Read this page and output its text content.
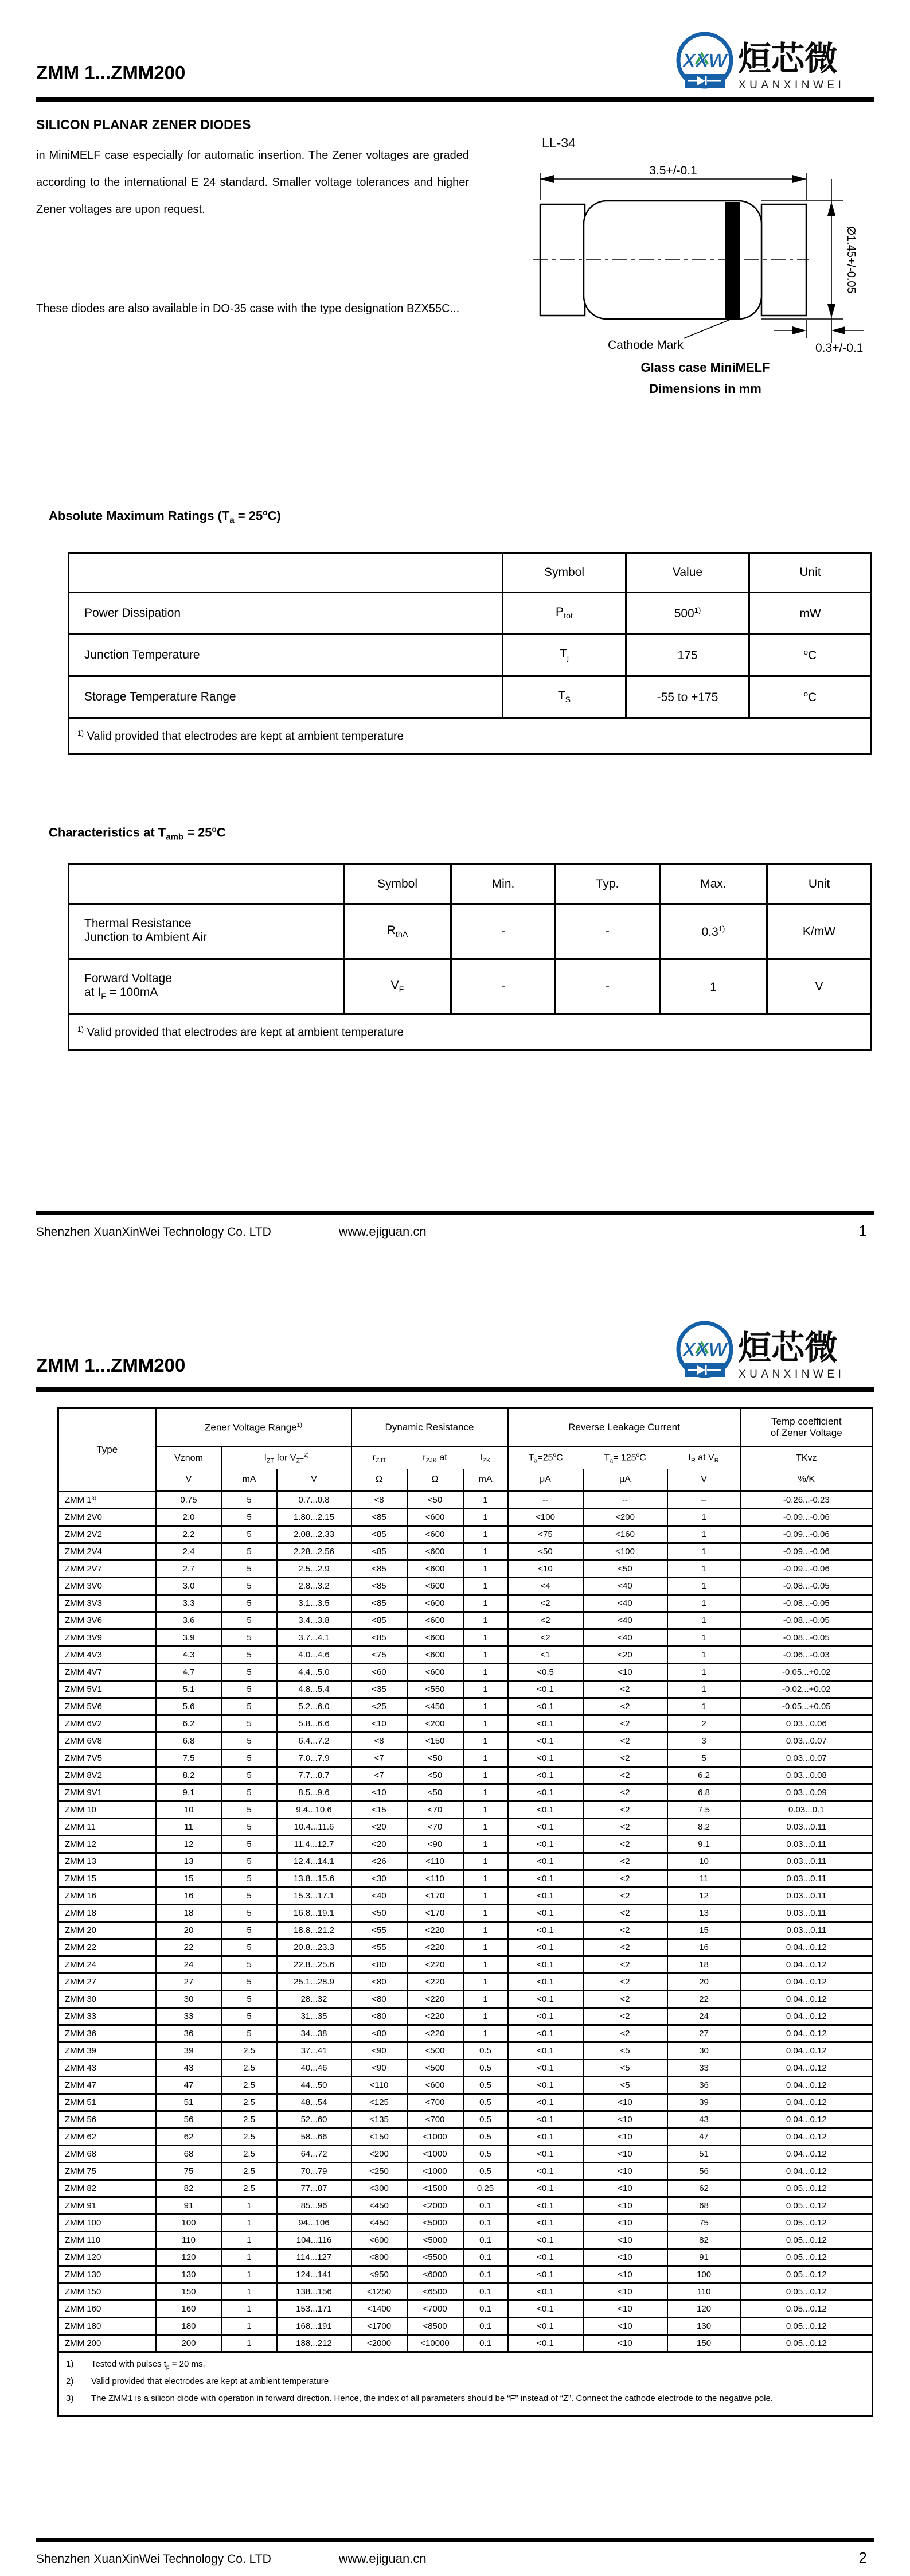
ZMM 1...ZMM200
XXW 烜芯微
XUANXINWEI
SILICON PLANAR ZENER DIODES
in MiniMELF case especially for automatic insertion. The Zener voltages are graded according to the international E 24 standard. Smaller voltage tolerances and higher Zener voltages are upon request.
These diodes are also available in DO-35 case with the type designation BZX55C...
LL-34
3.5+/-0.1
Ø1.45+/-0.05
0.3+/-0.1
Cathode Mark
Glass case MiniMELF
Dimensions in mm
Absolute Maximum Ratings $(T_a = 25^oC)$
	Symbol	Value	Unit
Power Dissipation	$P_{tot}$	500$^{1)}$	mW
Junction Temperature	$T_j$	175	$^o$C
Storage Temperature Range	$T_S$	-55 to +175	$^o$C
$^{1)}$ Valid provided that electrodes are kept at ambient temperature			
Characteristics at $T_{amb} = 25^oC$
	Symbol	Min.	Typ.	Max.	Unit

Thermal Resistance
Junction to Ambient Air	$R_{thA}$	-	-	0.3$^{1)}$	K/mW

Forward Voltage
at $I_F = 100mA$	$V_F$	-	-	1	V
$^{1)}$ Valid provided that electrodes are kept at ambient temperature					
Shenzhen XuanXinWei Technology Co. LTD	www.ejiguan.cn	1
ZMM 1...ZMM200
XXW 烜芯微
XUANXINWEI
Type	Zener Voltage Range$^{1)}$			Dynamic Resistance			Reverse Leakage Current			Temp coefficient
of Zener Voltage

	Vznom	$I_{ZT}$ for $V_{ZT}^{2)}$		$r_{ZJT}$	$r_{ZJK}$ at	$I_{ZK}$	$T_a=25^oC$	$T_a= 125^oC$	$I_R$ at $V_R$	TKvz
	V	mA	V	Ω	Ω	mA	μA	μA	V	%/K
ZMM 1³⁾	0.75	5	0.7...0.8	<8	<50	1	--	--	--	-0.26...-0.23
ZMM 2V0	2.0	5	1.80...2.15	<85	<600	1	<100	<200	1	-0.09...-0.06
ZMM 2V2	2.2	5	2.08...2.33	<85	<600	1	<75	<160	1	-0.09...-0.06
ZMM 2V4	2.4	5	2.28...2.56	<85	<600	1	<50	<100	1	-0.09...-0.06
ZMM 2V7	2.7	5	2.5...2.9	<85	<600	1	<10	<50	1	-0.09...-0.06
ZMM 3V0	3.0	5	2.8...3.2	<85	<600	1	<4	<40	1	-0.08...-0.05
ZMM 3V3	3.3	5	3.1...3.5	<85	<600	1	<2	<40	1	-0.08...-0.05
ZMM 3V6	3.6	5	3.4...3.8	<85	<600	1	<2	<40	1	-0.08...-0.05
ZMM 3V9	3.9	5	3.7...4.1	<85	<600	1	<2	<40	1	-0.08...-0.05
ZMM 4V3	4.3	5	4.0...4.6	<75	<600	1	<1	<20	1	-0.06...-0.03
ZMM 4V7	4.7	5	4.4...5.0	<60	<600	1	<0.5	<10	1	-0.05...+0.02
ZMM 5V1	5.1	5	4.8...5.4	<35	<550	1	<0.1	<2	1	-0.02...+0.02
ZMM 5V6	5.6	5	5.2...6.0	<25	<450	1	<0.1	<2	1	-0.05...+0.05
ZMM 6V2	6.2	5	5.8...6.6	<10	<200	1	<0.1	<2	2	0.03...0.06
ZMM 6V8	6.8	5	6.4...7.2	<8	<150	1	<0.1	<2	3	0.03...0.07
ZMM 7V5	7.5	5	7.0...7.9	<7	<50	1	<0.1	<2	5	0.03...0.07
ZMM 8V2	8.2	5	7.7...8.7	<7	<50	1	<0.1	<2	6.2	0.03...0.08
ZMM 9V1	9.1	5	8.5...9.6	<10	<50	1	<0.1	<2	6.8	0.03...0.09
ZMM 10	10	5	9.4...10.6	<15	<70	1	<0.1	<2	7.5	0.03...0.1
ZMM 11	11	5	10.4...11.6	<20	<70	1	<0.1	<2	8.2	0.03...0.11
ZMM 12	12	5	11.4...12.7	<20	<90	1	<0.1	<2	9.1	0.03...0.11
ZMM 13	13	5	12.4...14.1	<26	<110	1	<0.1	<2	10	0.03...0.11
ZMM 15	15	5	13.8...15.6	<30	<110	1	<0.1	<2	11	0.03...0.11
ZMM 16	16	5	15.3...17.1	<40	<170	1	<0.1	<2	12	0.03...0.11
ZMM 18	18	5	16.8...19.1	<50	<170	1	<0.1	<2	13	0.03...0.11
ZMM 20	20	5	18.8...21.2	<55	<220	1	<0.1	<2	15	0.03...0.11
ZMM 22	22	5	20.8...23.3	<55	<220	1	<0.1	<2	16	0.04...0.12
ZMM 24	24	5	22.8...25.6	<80	<220	1	<0.1	<2	18	0.04...0.12
ZMM 27	27	5	25.1...28.9	<80	<220	1	<0.1	<2	20	0.04...0.12
ZMM 30	30	5	28...32	<80	<220	1	<0.1	<2	22	0.04...0.12
ZMM 33	33	5	31...35	<80	<220	1	<0.1	<2	24	0.04...0.12
ZMM 36	36	5	34...38	<80	<220	1	<0.1	<2	27	0.04...0.12
ZMM 39	39	2.5	37...41	<90	<500	0.5	<0.1	<5	30	0.04...0.12
ZMM 43	43	2.5	40...46	<90	<500	0.5	<0.1	<5	33	0.04...0.12
ZMM 47	47	2.5	44...50	<110	<600	0.5	<0.1	<5	36	0.04...0.12
ZMM 51	51	2.5	48...54	<125	<700	0.5	<0.1	<10	39	0.04...0.12
ZMM 56	56	2.5	52...60	<135	<700	0.5	<0.1	<10	43	0.04...0.12
ZMM 62	62	2.5	58...66	<150	<1000	0.5	<0.1	<10	47	0.04...0.12
ZMM 68	68	2.5	64...72	<200	<1000	0.5	<0.1	<10	51	0.04...0.12
ZMM 75	75	2.5	70...79	<250	<1000	0.5	<0.1	<10	56	0.04...0.12
ZMM 82	82	2.5	77...87	<300	<1500	0.25	<0.1	<10	62	0.05...0.12
ZMM 91	91	1	85...96	<450	<2000	0.1	<0.1	<10	68	0.05...0.12
ZMM 100	100	1	94...106	<450	<5000	0.1	<0.1	<10	75	0.05...0.12
ZMM 110	110	1	104...116	<600	<5000	0.1	<0.1	<10	82	0.05...0.12
ZMM 120	120	1	114...127	<800	<5500	0.1	<0.1	<10	91	0.05...0.12
ZMM 130	130	1	124...141	<950	<6000	0.1	<0.1	<10	100	0.05...0.12
ZMM 150	150	1	138...156	<1250	<6500	0.1	<0.1	<10	110	0.05...0.12
ZMM 160	160	1	153...171	<1400	<7000	0.1	<0.1	<10	120	0.05...0.12
ZMM 180	180	1	168...191	<1700	<8500	0.1	<0.1	<10	130	0.05...0.12
ZMM 200	200	1	188...212	<2000	<10000	0.1	<0.1	<10	150	0.05...0.12

1)	Tested with pulses $t_p = 20$ ms.
2)	Valid provided that electrodes are kept at ambient temperature
3)	The ZMM1 is a silicon diode with operation in forward direction. Hence, the index of all parameters should be “F” instead of “Z”. Connect the cathode electrode to the negative pole.
Shenzhen XuanXinWei Technology Co. LTD	www.ejiguan.cn	2
